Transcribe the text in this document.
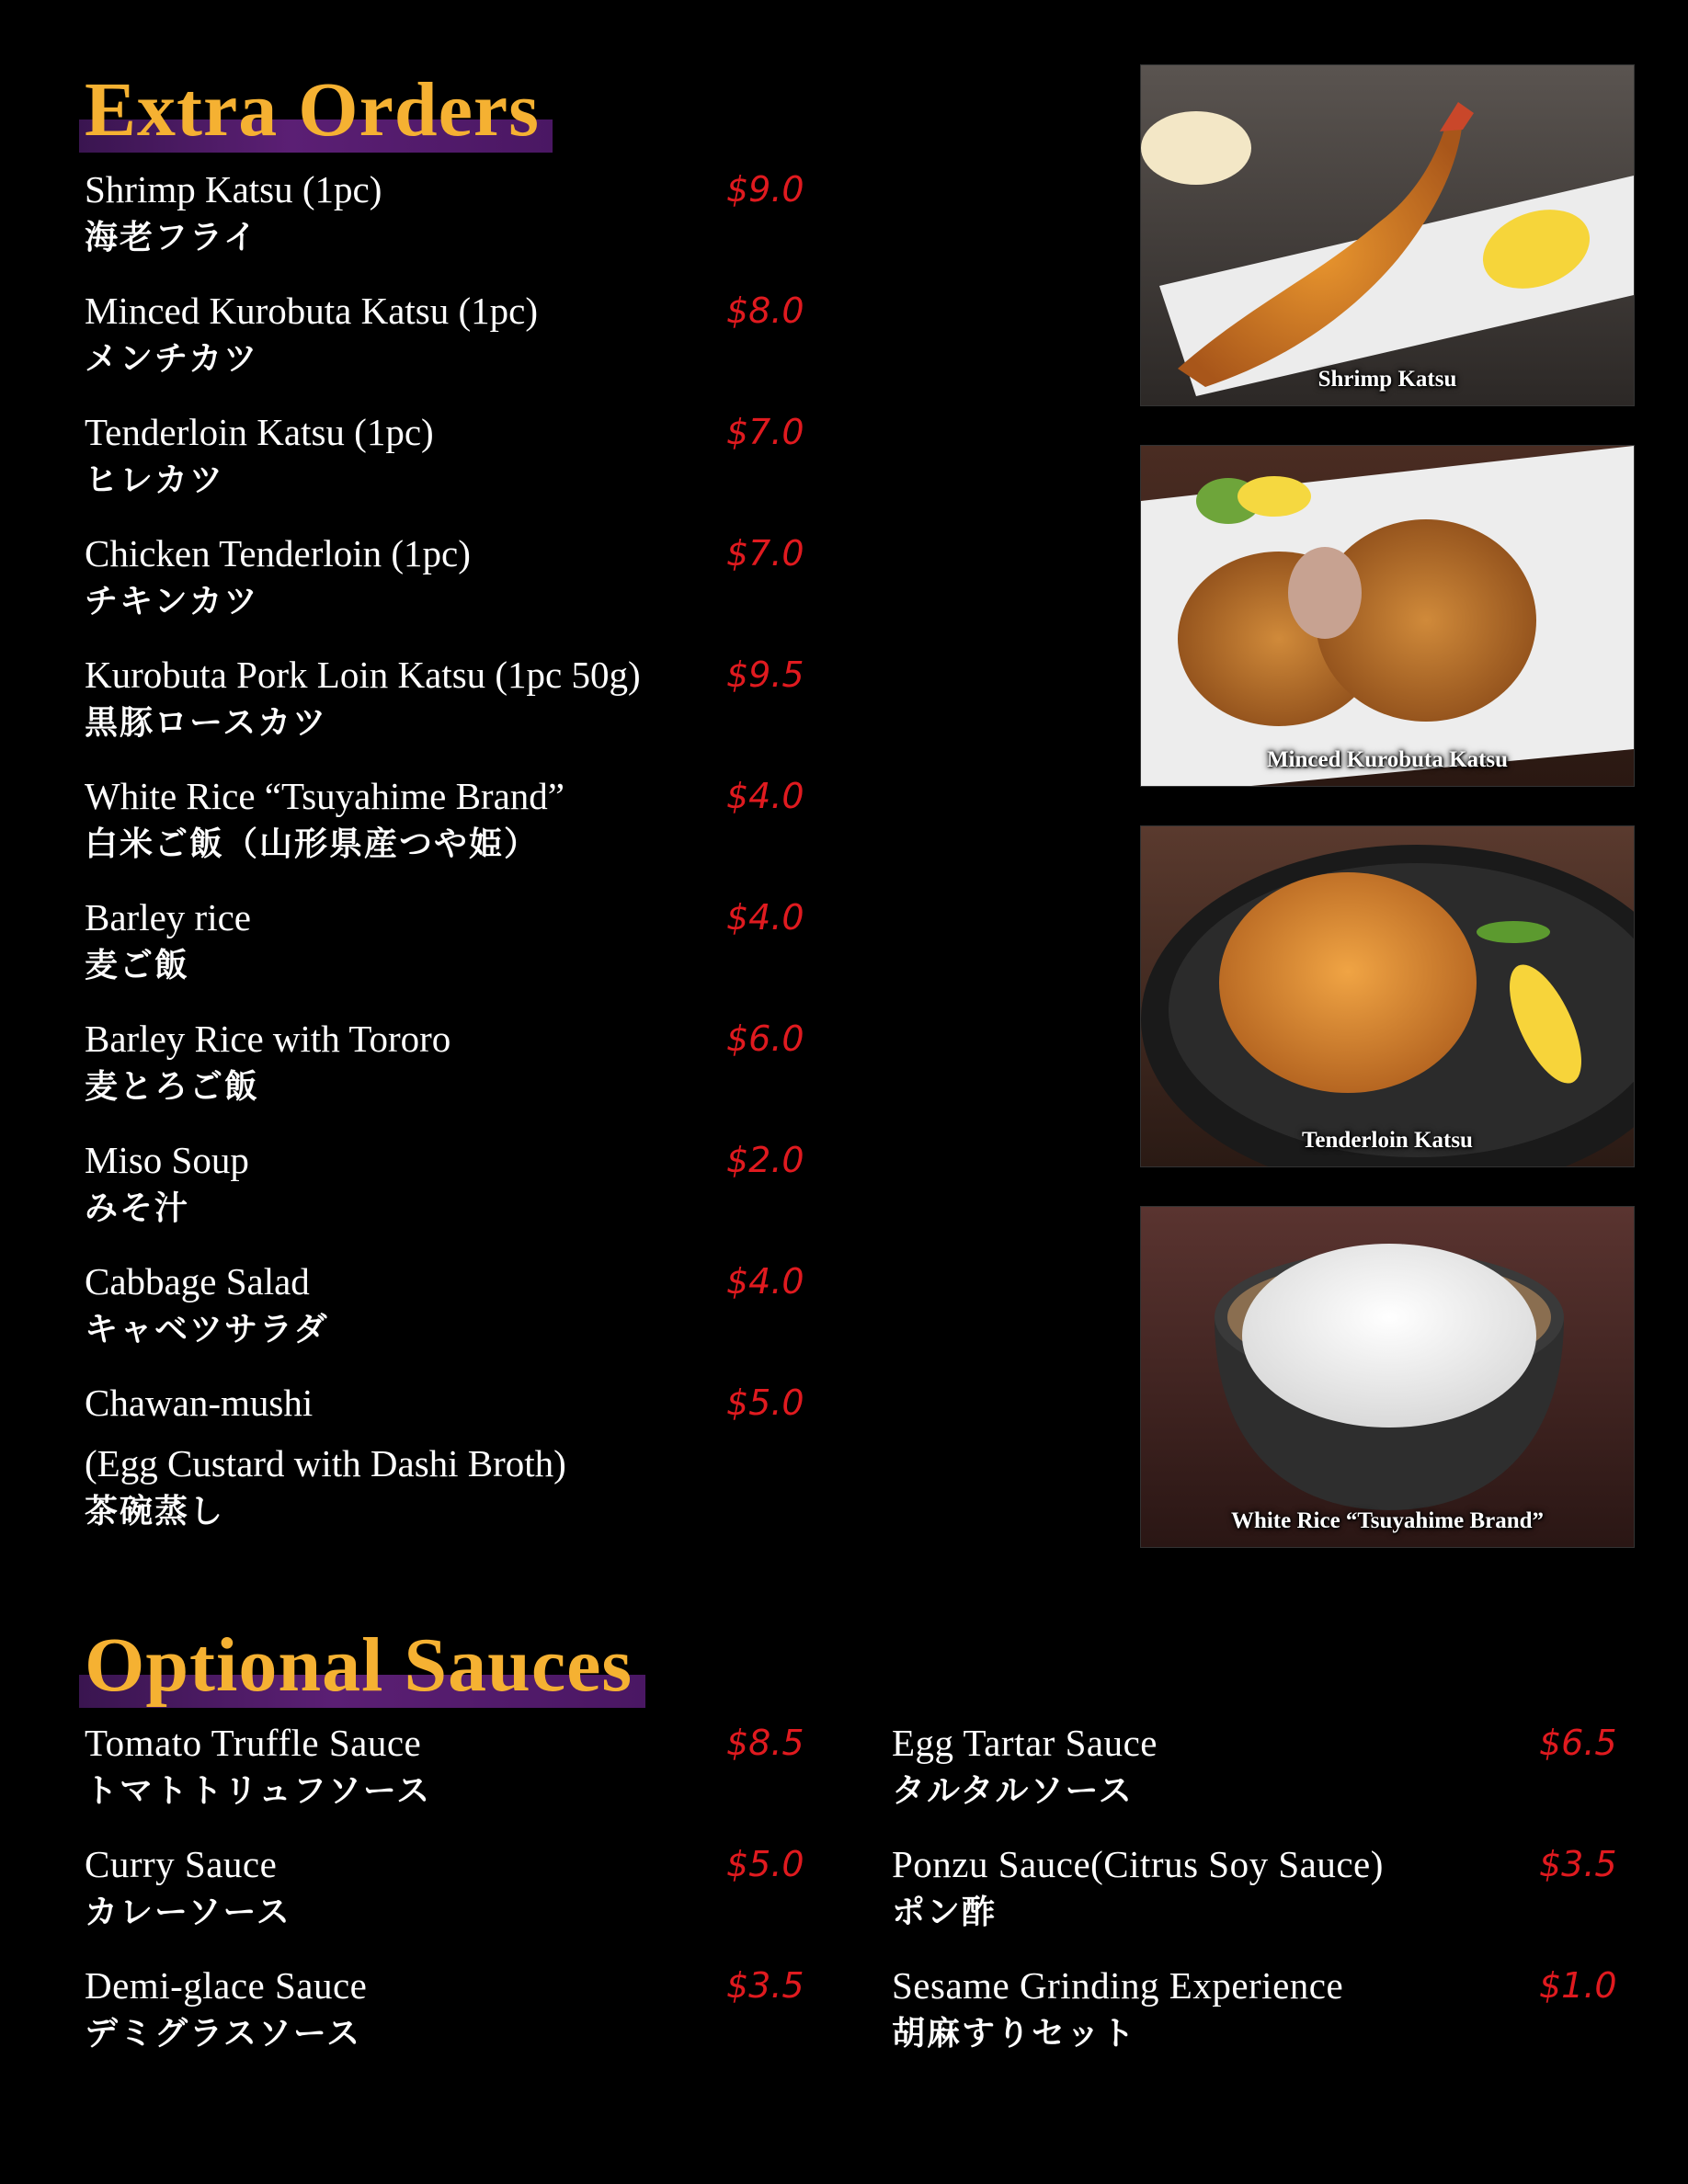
Extra Orders
Shrimp Katsu (1pc)
海老フライ
$9.0
Minced Kurobuta Katsu (1pc)
メンチカツ
$8.0
Tenderloin Katsu (1pc)
ヒレカツ
$7.0
Chicken Tenderloin (1pc)
チキンカツ
$7.0
Kurobuta Pork Loin Katsu (1pc 50g)
黒豚ロースカツ
$9.5
White Rice “Tsuyahime Brand”
白米ご飯（山形県産つや姫）
$4.0
Barley rice
麦ご飯
$4.0
Barley Rice with Tororo
麦とろご飯
$6.0
Miso Soup
みそ汁
$2.0
Cabbage Salad
キャベツサラダ
$4.0
Chawan-mushi
(Egg Custard with Dashi Broth)
茶碗蒸し
$5.0
Shrimp Katsu
Minced Kurobuta Katsu
Tenderloin Katsu
White Rice “Tsuyahime Brand”
Optional Sauces
Tomato Truffle Sauce
トマトトリュフソース
$8.5
Curry Sauce
カレーソース
$5.0
Demi-glace Sauce
デミグラスソース
$3.5
Egg Tartar Sauce
タルタルソース
$6.5
Ponzu Sauce(Citrus Soy Sauce)
ポン酢
$3.5
Sesame Grinding Experience
胡麻すりセット
$1.0
